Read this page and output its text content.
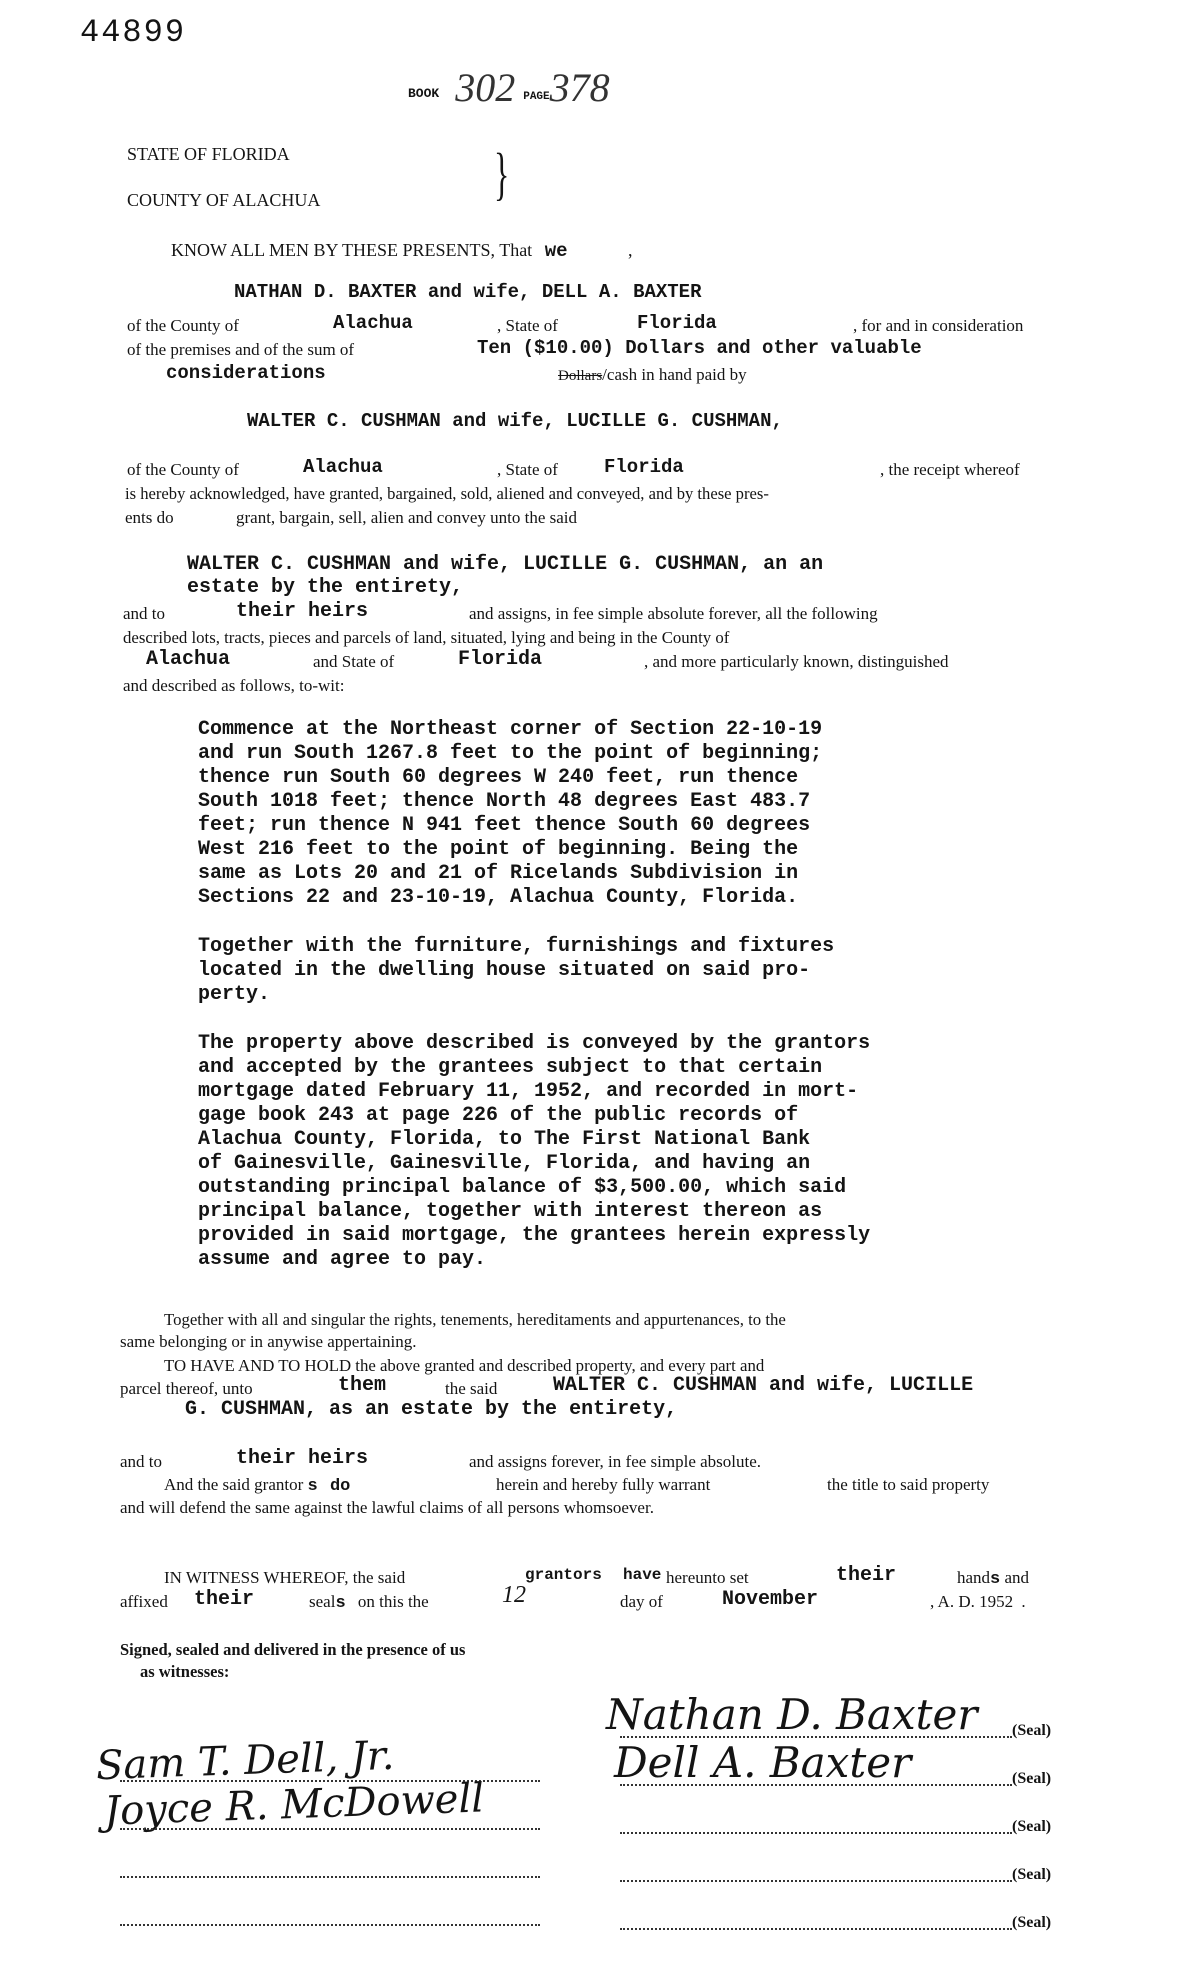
44899
$^{BOOK}$ 302 PAGE378
STATE OF FLORIDA
COUNTY OF ALACHUA	}
KNOW ALL MEN BY THESE PRESENTS, That we	,
NATHAN D. BAXTER and wife, DELL A. BAXTER
of the County of	Alachua	, State of	Florida	, for and in consideration
of the premises and of the sum of	Ten ($10.00) Dollars and other valuable
considerations	Dollars/cash in hand paid by
WALTER C. CUSHMAN and wife, LUCILLE G. CUSHMAN,
of the County of	Alachua	, State of Florida	, the receipt whereof
is hereby acknowledged, have granted, bargained, sold, aliened and conveyed, and by these pres-
ents do	grant, bargain, sell, alien and convey unto the said
WALTER C. CUSHMAN and wife, LUCILLE G. CUSHMAN, an an
estate by the entirety,
and to	their heirs	and assigns, in fee simple absolute forever, all the following
described lots, tracts, pieces and parcels of land, situated, lying and being in the County of
Alachua	and State of	Florida	, and more particularly known, distinguished
and described as follows, to-wit:
Commence at the Northeast corner of Section 22-10-19
and run South 1267.8 feet to the point of beginning;
thence run South 60 degrees W 240 feet, run thence
South 1018 feet; thence North 48 degrees East 483.7
feet; run thence N 941 feet thence South 60 degrees
West 216 feet to the point of beginning. Being the
same as Lots 20 and 21 of Ricelands Subdivision in
Sections 22 and 23-10-19, Alachua County, Florida.
Together with the furniture, furnishings and fixtures
located in the dwelling house situated on said pro-
perty.
The property above described is conveyed by the grantors
and accepted by the grantees subject to that certain
mortgage dated February 11, 1952, and recorded in mort-
gage book 243 at page 226 of the public records of
Alachua County, Florida, to The First National Bank
of Gainesville, Gainesville, Florida, and having an
outstanding principal balance of $3,500.00, which said
principal balance, together with interest thereon as
provided in said mortgage, the grantees herein expressly
assume and agree to pay.
Together with all and singular the rights, tenements, hereditaments and appurtenances, to the
same belonging or in anywise appertaining.
TO HAVE AND TO HOLD the above granted and described property, and every part and
parcel thereof, unto	them	the said	WALTER C. CUSHMAN and wife, LUCILLE
G. CUSHMAN, as an estate by the entirety,
and to	their heirs	and assigns forever, in fee simple absolute.
And the said grantor s do	herein and hereby fully warrant	the title to said property
and will defend the same against the lawful claims of all persons whomsoever.
IN WITNESS WHEREOF, the said	grantors have hereunto set	their	hands and
affixed their	seals on this the	12	day of	November	, A. D. 1952 .
Signed, sealed and delivered in the presence of us
as witnesses:
Sam T. Dell, Jr.
Joyce R. McDowell
Nathan D. Baxter (Seal)
Dell A. Baxter	(Seal)
(Seal)
(Seal)
(Seal)
